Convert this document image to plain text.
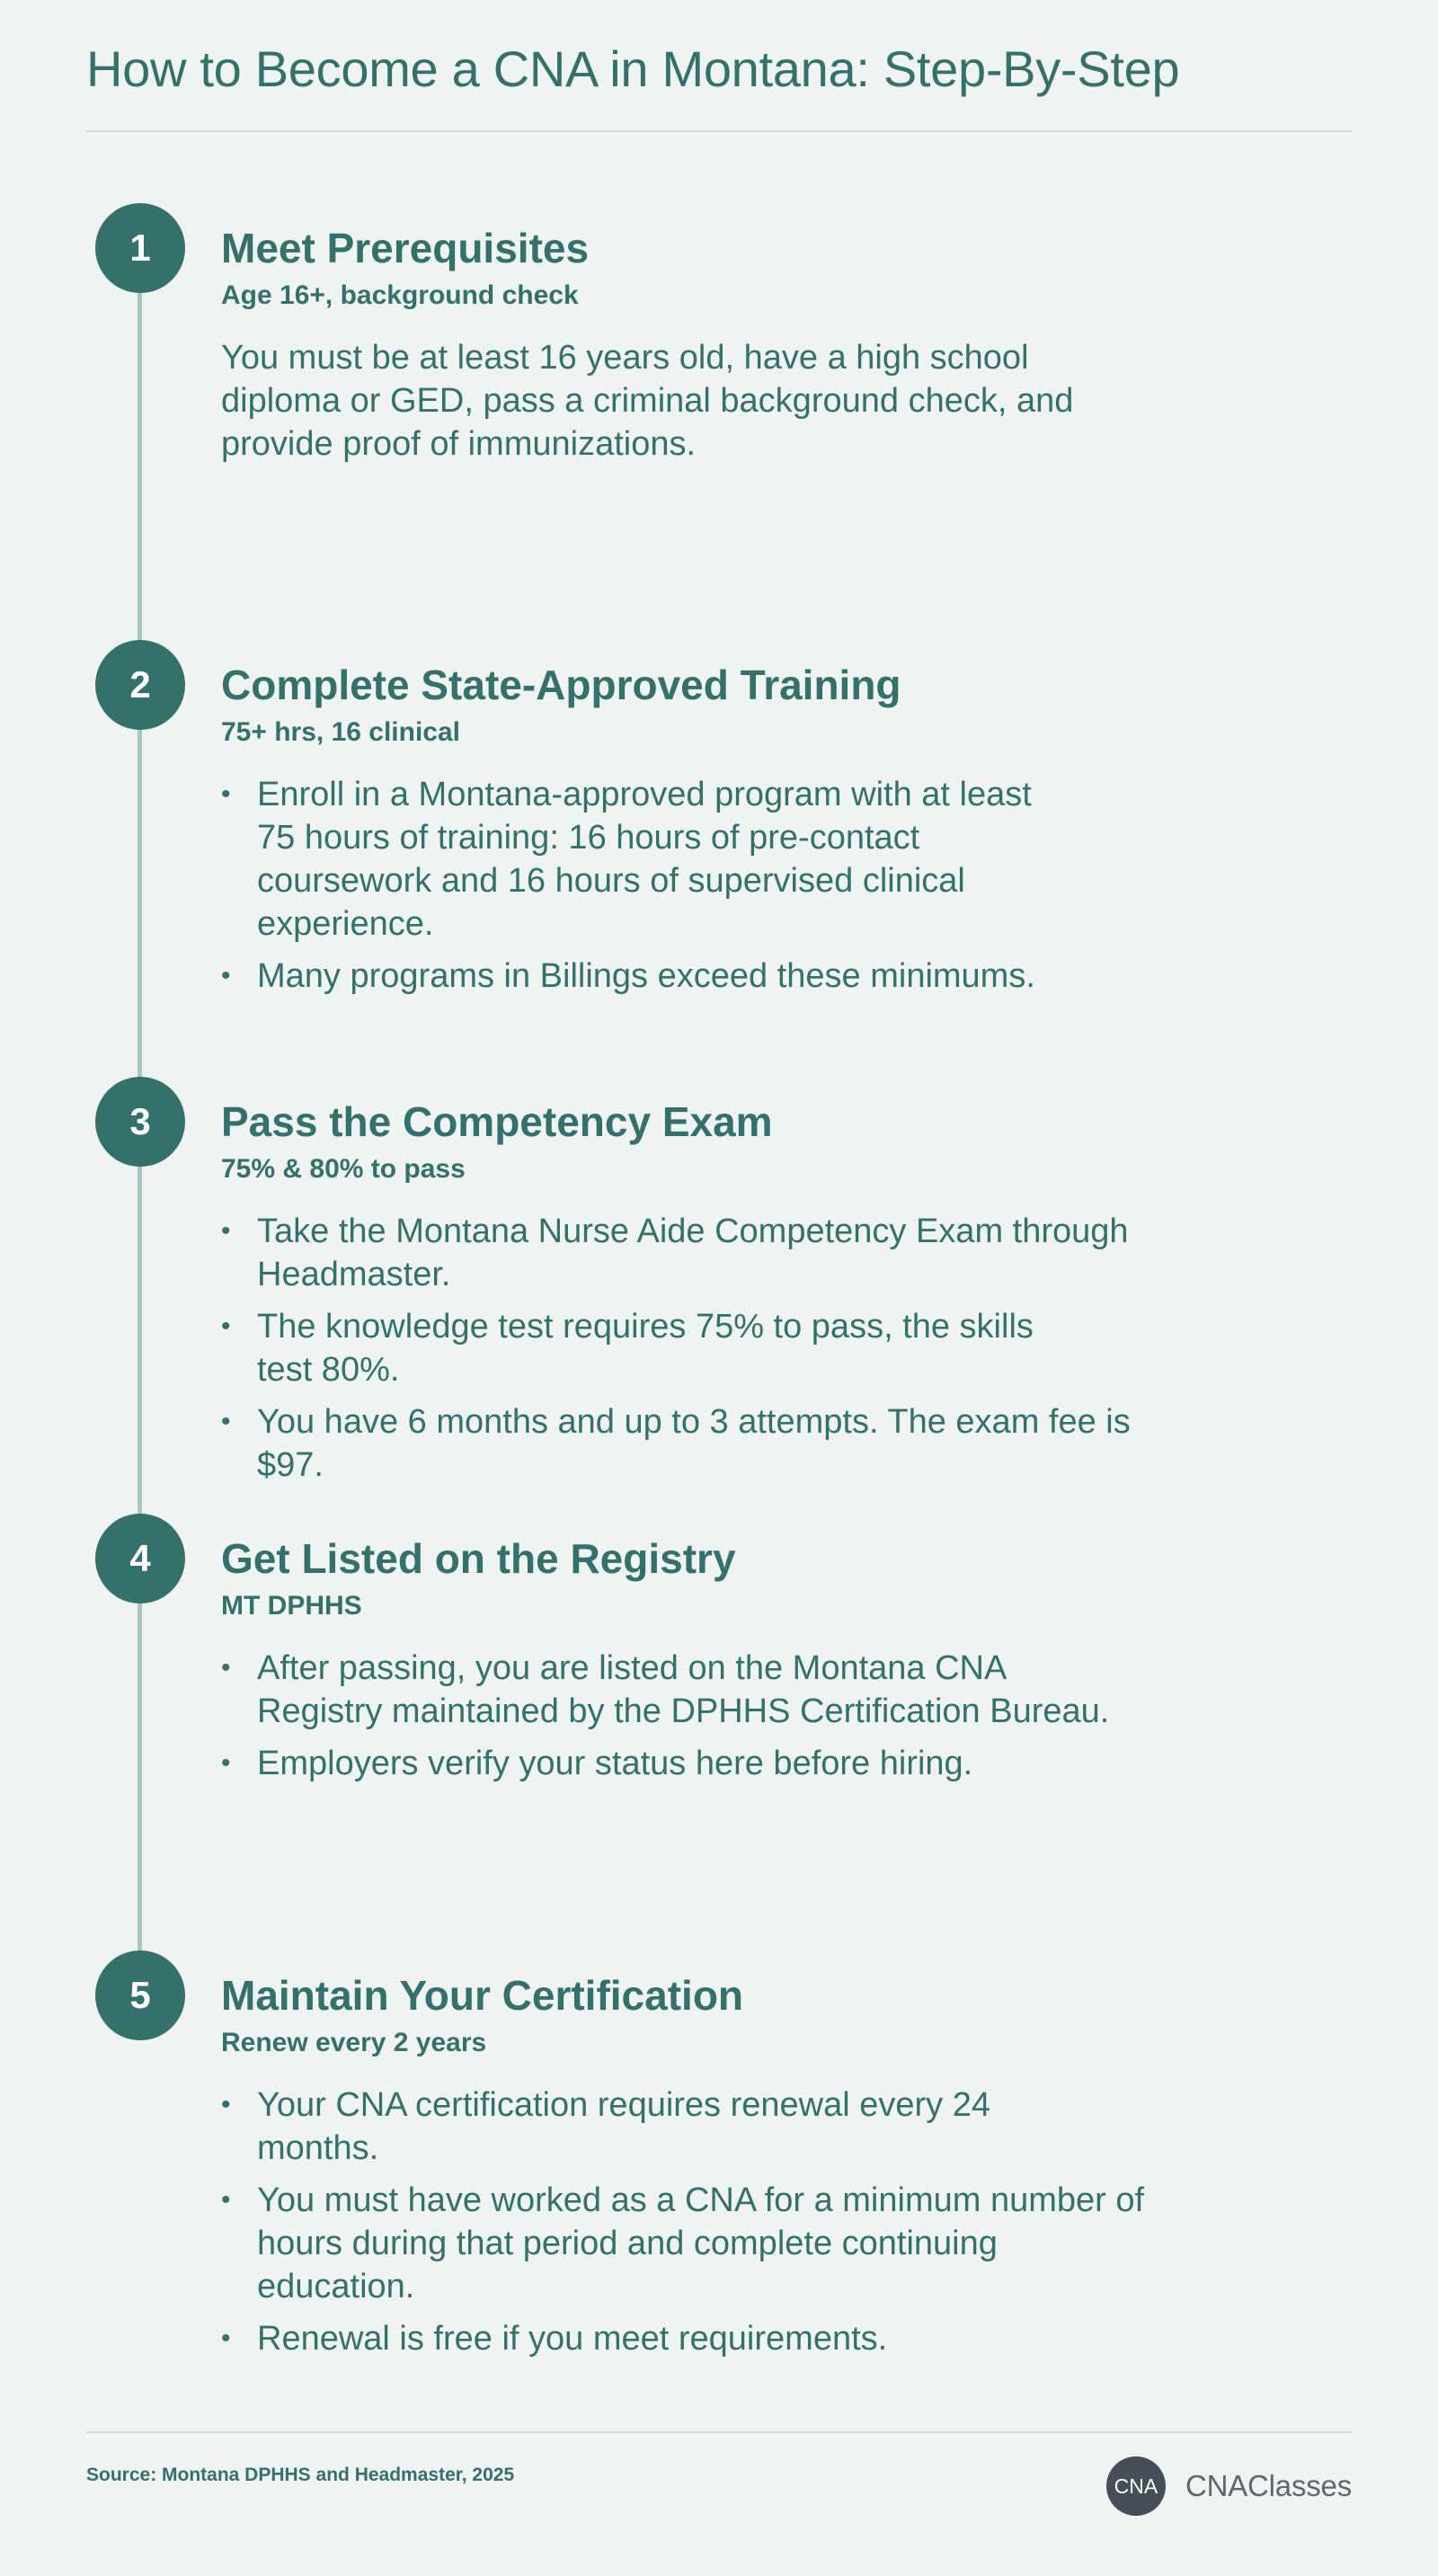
How to Become a CNA in Montana: Step-By-Step
1	Meet Prerequisites
Age 16+, background check

You must be at least 16 years old, have a high school diploma or GED, pass a criminal background check, and provide proof of immunizations.

2	Complete State-Approved Training
75+ hrs, 16 clinical
• Enroll in a Montana-approved program with at least 75 hours of training: 16 hours of pre-contact coursework and 16 hours of supervised clinical experience.
• Many programs in Billings exceed these minimums.
3	Pass the Competency Exam
75% & 80% to pass
• Take the Montana Nurse Aide Competency Exam through Headmaster.
• The knowledge test requires 75% to pass, the skills test 80%.
• You have 6 months and up to 3 attempts. The exam fee is $97.
4	Get Listed on the Registry
MT DPHHS
• After passing, you are listed on the Montana CNA Registry maintained by the DPHHS Certification Bureau.
• Employers verify your status here before hiring.
5	Maintain Your Certification
Renew every 2 years
• Your CNA certification requires renewal every 24 months.
• You must have worked as a CNA for a minimum number of hours during that period and complete continuing education.
• Renewal is free if you meet requirements.
Source: Montana DPHHS and Headmaster, 2025	CNA CNAClasses
